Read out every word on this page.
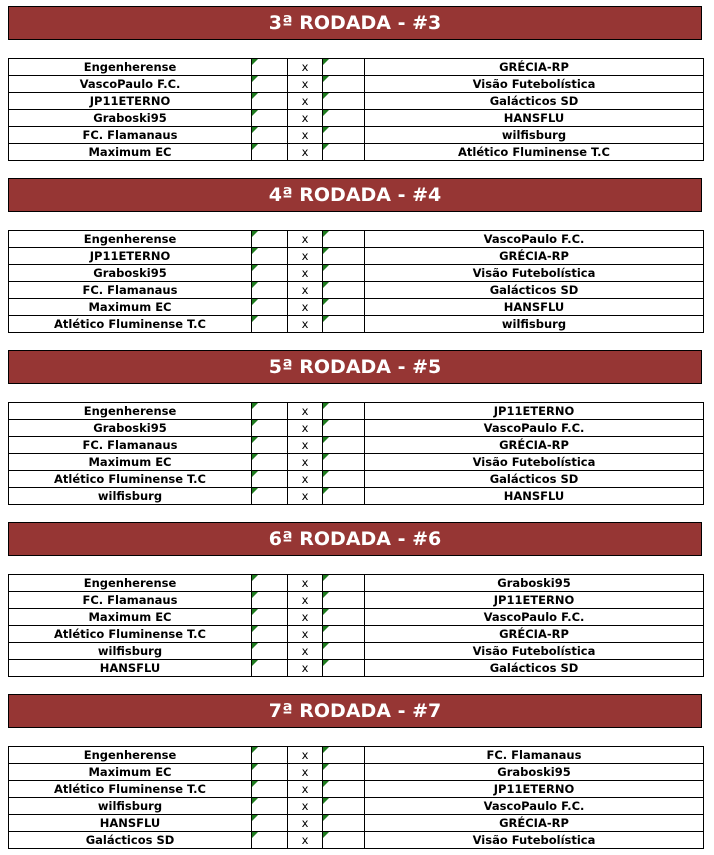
3ª RODADA - #3
Engenherense		x		GRÉCIA-RP
VascoPaulo F.C.		x		Visão Futebolística
JP11ETERNO		x		Galácticos SD
Graboski95		x		HANSFLU
FC. Flamanaus		x		wilfisburg
Maximum EC		x		Atlético Fluminense T.C
4ª RODADA - #4
Engenherense		x		VascoPaulo F.C.
JP11ETERNO		x		GRÉCIA-RP
Graboski95		x		Visão Futebolística
FC. Flamanaus		x		Galácticos SD
Maximum EC		x		HANSFLU
Atlético Fluminense T.C		x		wilfisburg
5ª RODADA - #5
Engenherense		x		JP11ETERNO
Graboski95		x		VascoPaulo F.C.
FC. Flamanaus		x		GRÉCIA-RP
Maximum EC		x		Visão Futebolística
Atlético Fluminense T.C		x		Galácticos SD
wilfisburg		x		HANSFLU
6ª RODADA - #6
Engenherense		x		Graboski95
FC. Flamanaus		x		JP11ETERNO
Maximum EC		x		VascoPaulo F.C.
Atlético Fluminense T.C		x		GRÉCIA-RP
wilfisburg		x		Visão Futebolística
HANSFLU		x		Galácticos SD
7ª RODADA - #7
Engenherense		x		FC. Flamanaus
Maximum EC		x		Graboski95
Atlético Fluminense T.C		x		JP11ETERNO
wilfisburg		x		VascoPaulo F.C.
HANSFLU		x		GRÉCIA-RP
Galácticos SD		x		Visão Futebolística
